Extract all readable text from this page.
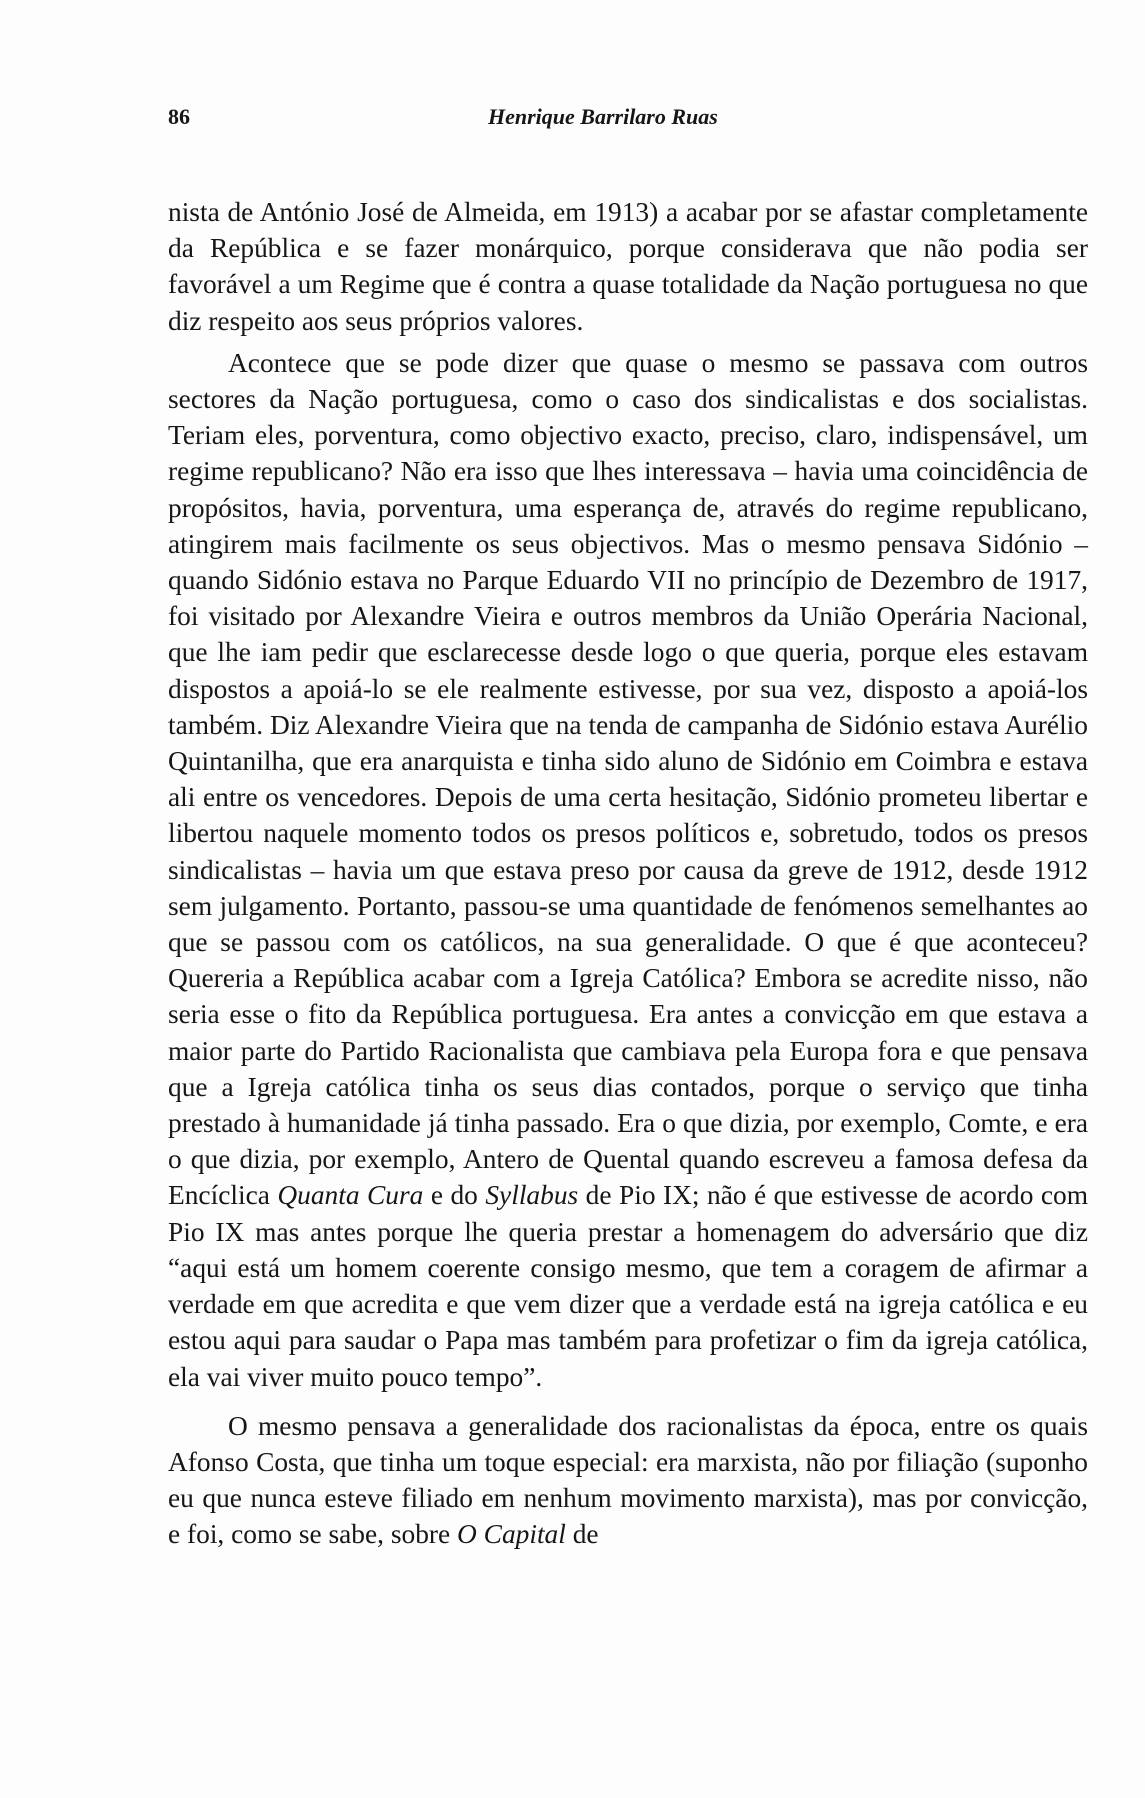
86	Henrique Barrilaro Ruas

nista de António José de Almeida, em 1913) a acabar por se afastar completamente da República e se fazer monárquico, porque considerava que não podia ser favorável a um Regime que é contra a quase totalidade da Nação portuguesa no que diz respeito aos seus próprios valores.

Acontece que se pode dizer que quase o mesmo se passava com outros sectores da Nação portuguesa, como o caso dos sindicalistas e dos socialistas. Teriam eles, porventura, como objectivo exacto, preciso, claro, indispensável, um regime republicano? Não era isso que lhes interessava – havia uma coincidência de propósitos, havia, porventura, uma esperança de, através do regime republicano, atingirem mais facilmente os seus objectivos. Mas o mesmo pensava Sidónio – quando Sidónio estava no Parque Eduardo VII no princípio de Dezembro de 1917, foi visitado por Alexandre Vieira e outros membros da União Operária Nacional, que lhe iam pedir que esclarecesse desde logo o que queria, porque eles estavam dispostos a apoiá-lo se ele realmente estivesse, por sua vez, disposto a apoiá-los também. Diz Alexandre Vieira que na tenda de campanha de Sidónio estava Aurélio Quintanilha, que era anarquista e tinha sido aluno de Sidónio em Coimbra e estava ali entre os vencedores. Depois de uma certa hesitação, Sidónio prometeu libertar e libertou naquele momento todos os presos políticos e, sobretudo, todos os presos sindicalistas – havia um que estava preso por causa da greve de 1912, desde 1912 sem julgamento. Portanto, passou-se uma quantidade de fenómenos semelhantes ao que se passou com os católicos, na sua generalidade. O que é que aconteceu? Quereria a República acabar com a Igreja Católica? Embora se acredite nisso, não seria esse o fito da República portuguesa. Era antes a convicção em que estava a maior parte do Partido Racionalista que cambiava pela Europa fora e que pensava que a Igreja católica tinha os seus dias contados, porque o serviço que tinha prestado à humanidade já tinha passado. Era o que dizia, por exemplo, Comte, e era o que dizia, por exemplo, Antero de Quental quando escreveu a famosa defesa da Encíclica Quanta Cura e do Syllabus de Pio IX; não é que estivesse de acordo com Pio IX mas antes porque lhe queria prestar a homenagem do adversário que diz “aqui está um homem coerente consigo mesmo, que tem a coragem de afirmar a verdade em que acredita e que vem dizer que a verdade está na igreja católica e eu estou aqui para saudar o Papa mas também para profetizar o fim da igreja católica, ela vai viver muito pouco tempo”.

O mesmo pensava a generalidade dos racionalistas da época, entre os quais Afonso Costa, que tinha um toque especial: era marxista, não por filiação (suponho eu que nunca esteve filiado em nenhum movimento marxista), mas por convicção, e foi, como se sabe, sobre O Capital de
